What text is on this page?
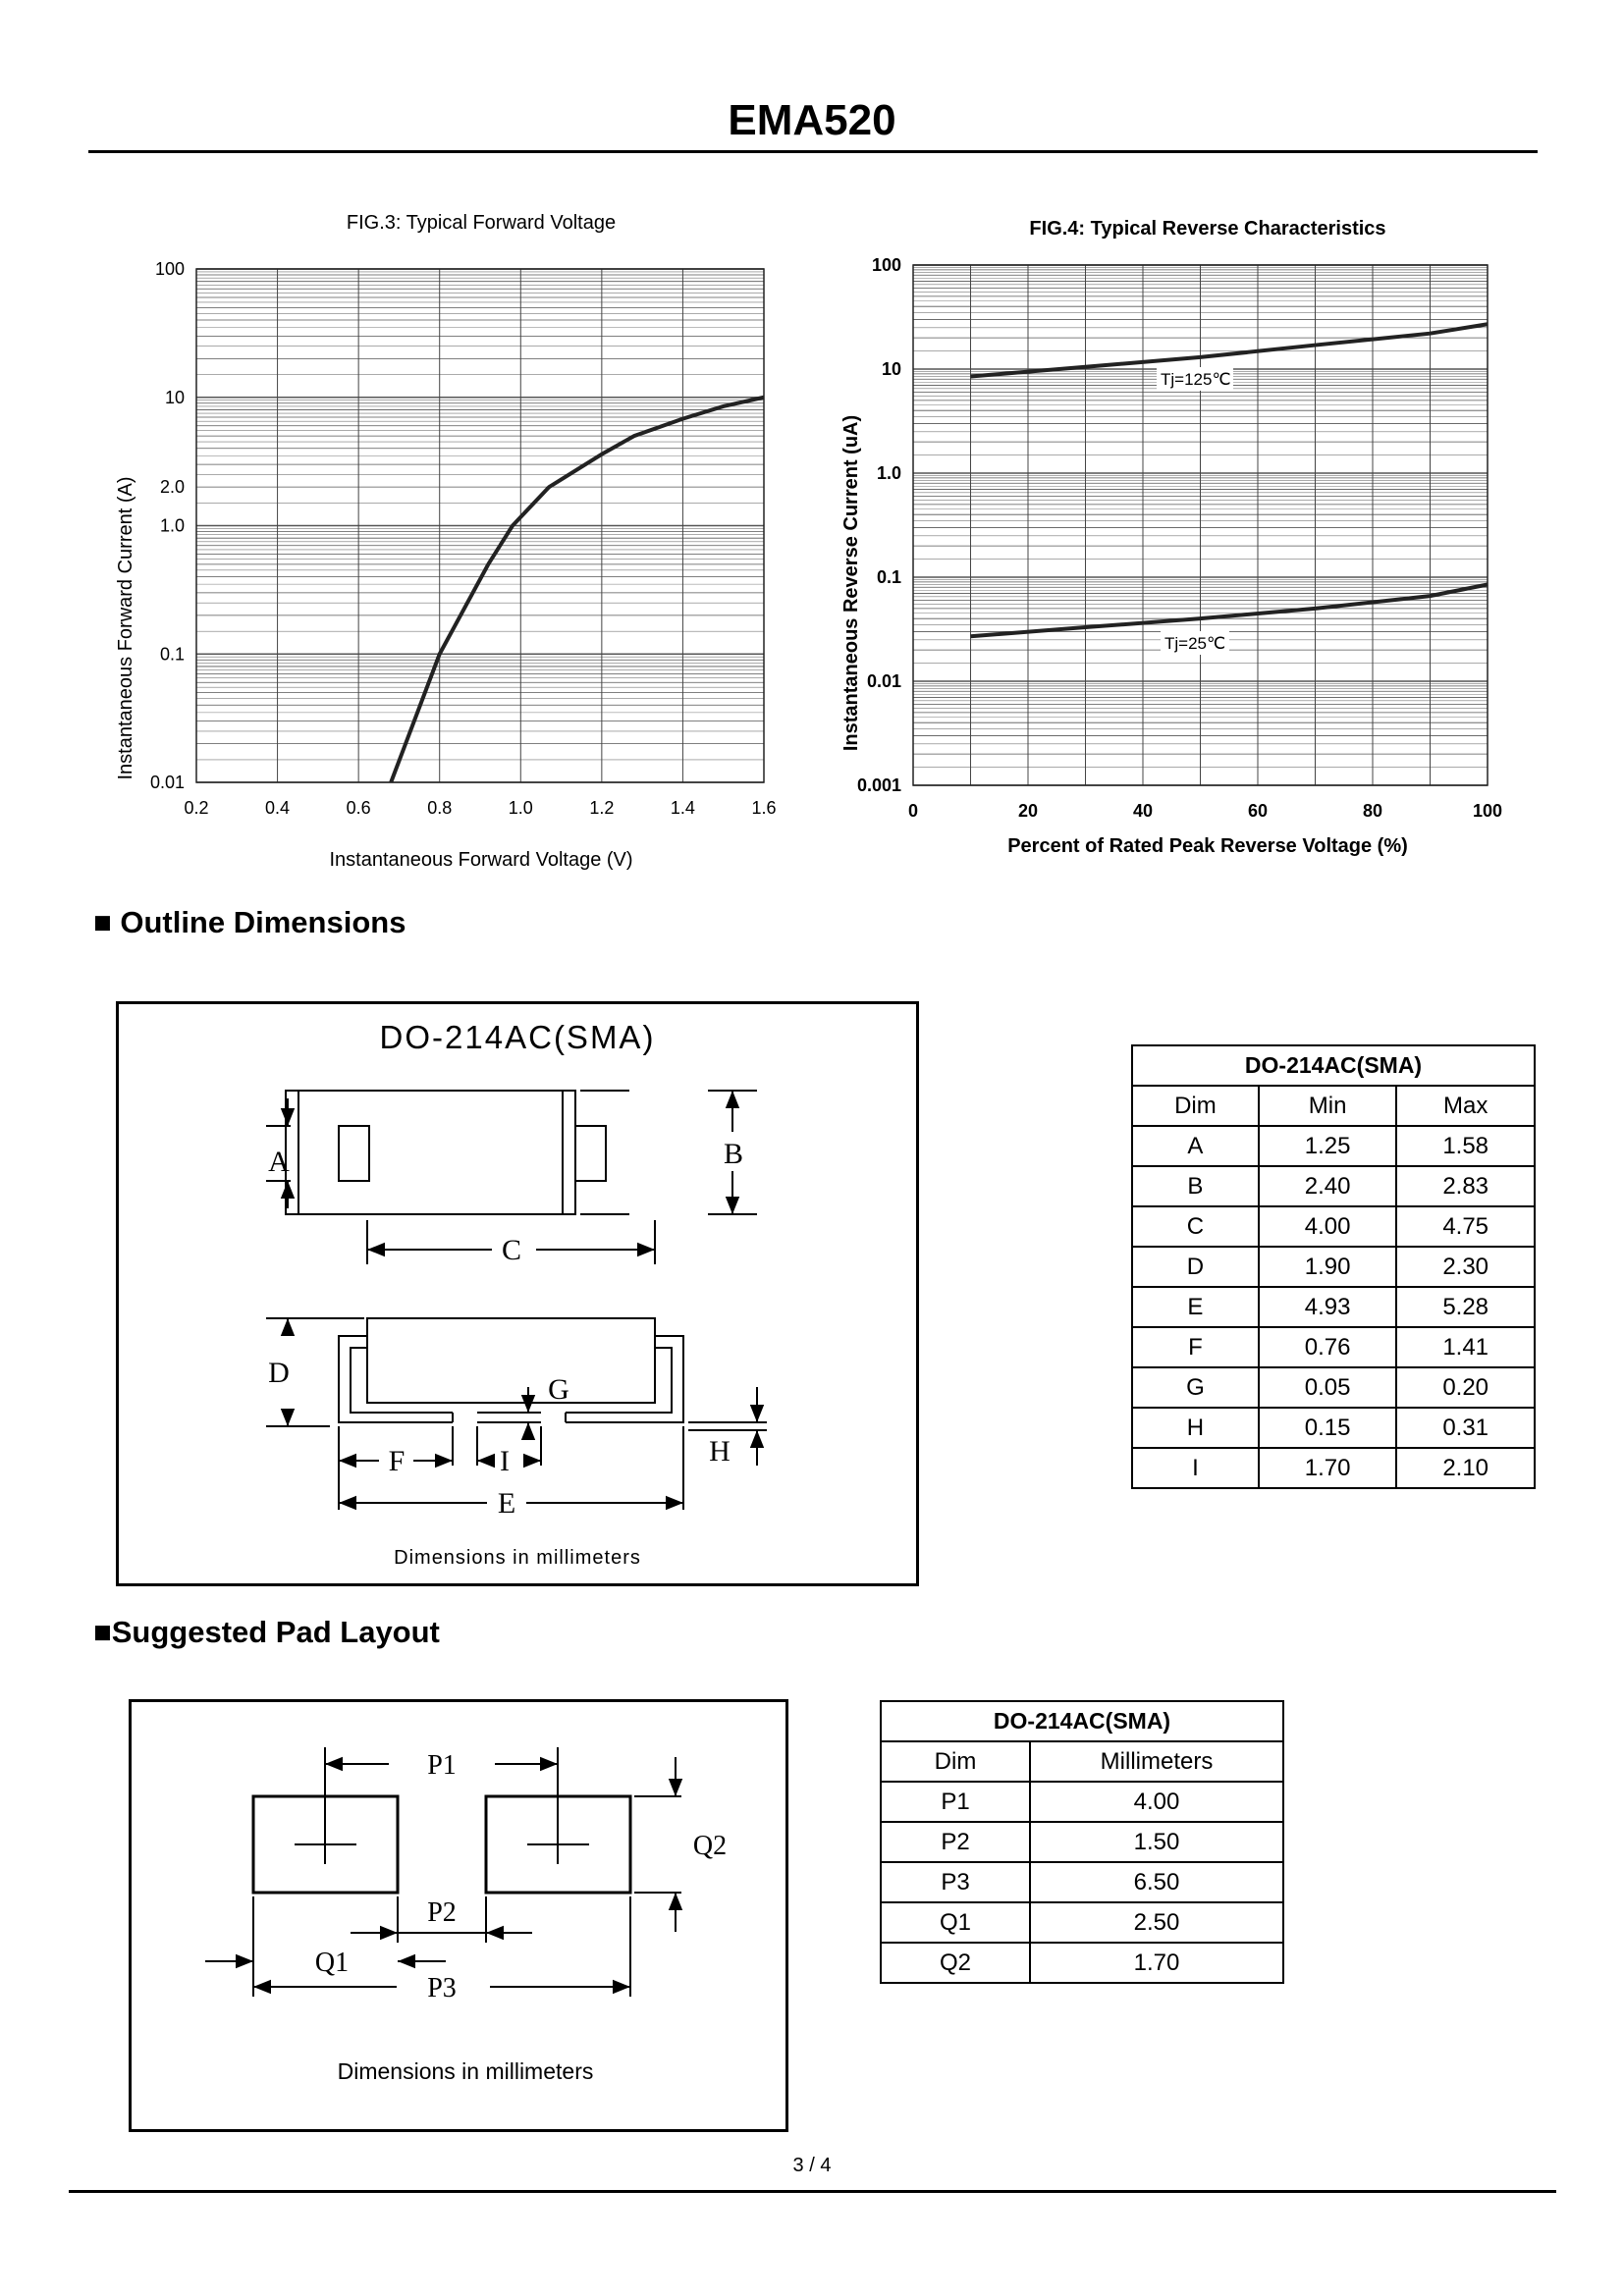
EMA520
FIG.3: Typical Forward Voltage
100
10
2.0
1.0
0.1
0.01
0.2	0.4	0.6	0.8	1.0	1.2	1.4	1.6
Instantaneous Forward Voltage (V)
Instantaneous Forward Current (A)
FIG.4: Typical Reverse Characteristics
100
10
1.0
0.1
0.01
0.001
0	20	40	60	80	100
Tj=125℃
Tj=25℃
Percent of Rated Peak Reverse Voltage (%)
Instantaneous Reverse Current (uA)
■ Outline Dimensions
DO-214AC(SMA)
A	B
C
D
E
F
G
H
I
Dimensions in millimeters
DO-214AC(SMA)		
Dim	Min	Max
A	1.25	1.58
B	2.40	2.83
C	4.00	4.75
D	1.90	2.30
E	4.93	5.28
F	0.76	1.41
G	0.05	0.20
H	0.15	0.31
I	1.70	2.10
■Suggested Pad Layout
P1
P2
P3
Q1
Q2
Dimensions in millimeters
DO-214AC(SMA)	
Dim	Millimeters
P1	4.00
P2	1.50
P3	6.50
Q1	2.50
Q2	1.70
3 / 4
